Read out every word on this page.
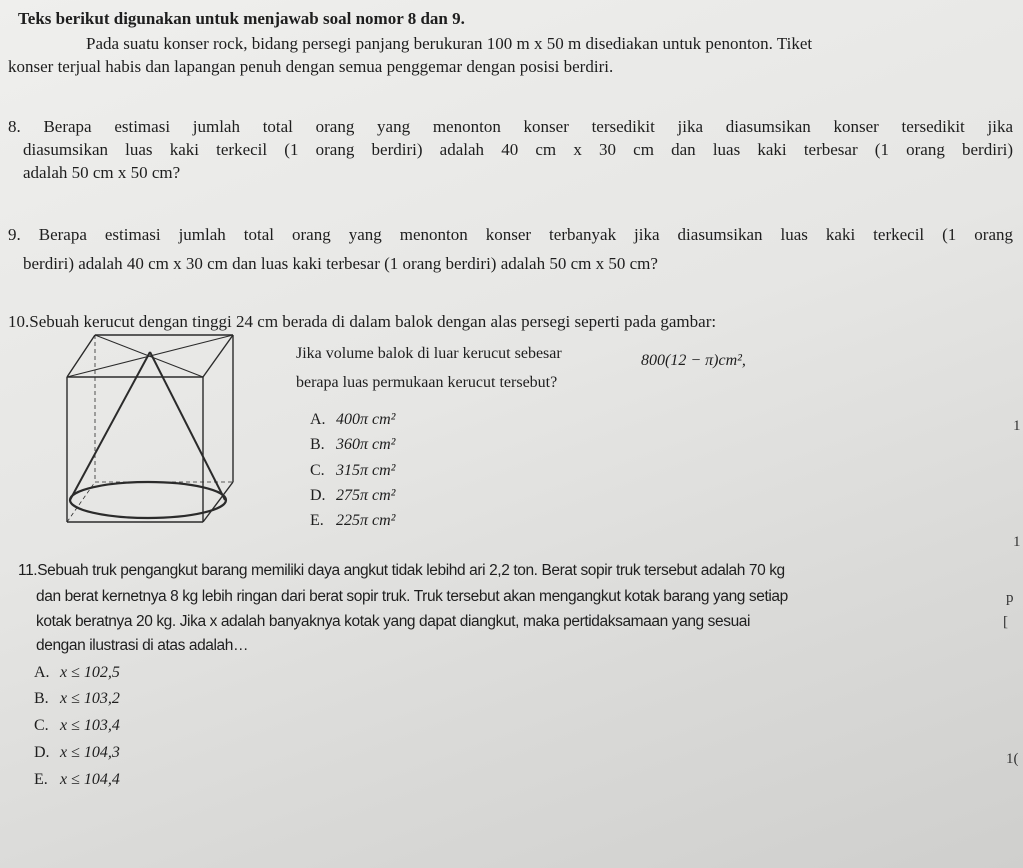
Teks berikut digunakan untuk menjawab soal nomor 8 dan 9.
Pada suatu konser rock, bidang persegi panjang berukuran 100 m x 50 m disediakan untuk penonton. Tiket
konser terjual habis dan lapangan penuh dengan semua penggemar dengan posisi berdiri.
8. Berapa estimasi jumlah total orang yang menonton konser tersedikit jika diasumsikan konser tersedikit jika
diasumsikan luas kaki terkecil (1 orang berdiri) adalah 40 cm x 30 cm dan luas kaki terbesar (1 orang berdiri)
adalah 50 cm x 50 cm?
9. Berapa estimasi jumlah total orang yang menonton konser terbanyak jika diasumsikan luas kaki terkecil (1 orang
berdiri) adalah 40 cm x 30 cm dan luas kaki terbesar (1 orang berdiri) adalah 50 cm x 50 cm?
10.Sebuah kerucut dengan tinggi 24 cm berada di dalam balok dengan alas persegi seperti pada gambar:
Jika volume balok di luar kerucut sebesar	800(12 − π)cm²,
berapa luas permukaan kerucut tersebut?
A. 400π cm²
B. 360π cm²
C. 315π cm²
D. 275π cm²
E. 225π cm²
11.Sebuah truk pengangkut barang memiliki daya angkut tidak lebihd ari 2,2 ton. Berat sopir truk tersebut adalah 70 kg
dan berat kernetnya 8 kg lebih ringan dari berat sopir truk. Truk tersebut akan mengangkut kotak barang yang setiap
kotak beratnya 20 kg. Jika x adalah banyaknya kotak yang dapat diangkut, maka pertidaksamaan yang sesuai
dengan ilustrasi di atas adalah…
A. x ≤ 102,5
B. x ≤ 103,2
C. x ≤ 103,4
D. x ≤ 104,3
E. x ≤ 104,4
p
[
1(
1
1
